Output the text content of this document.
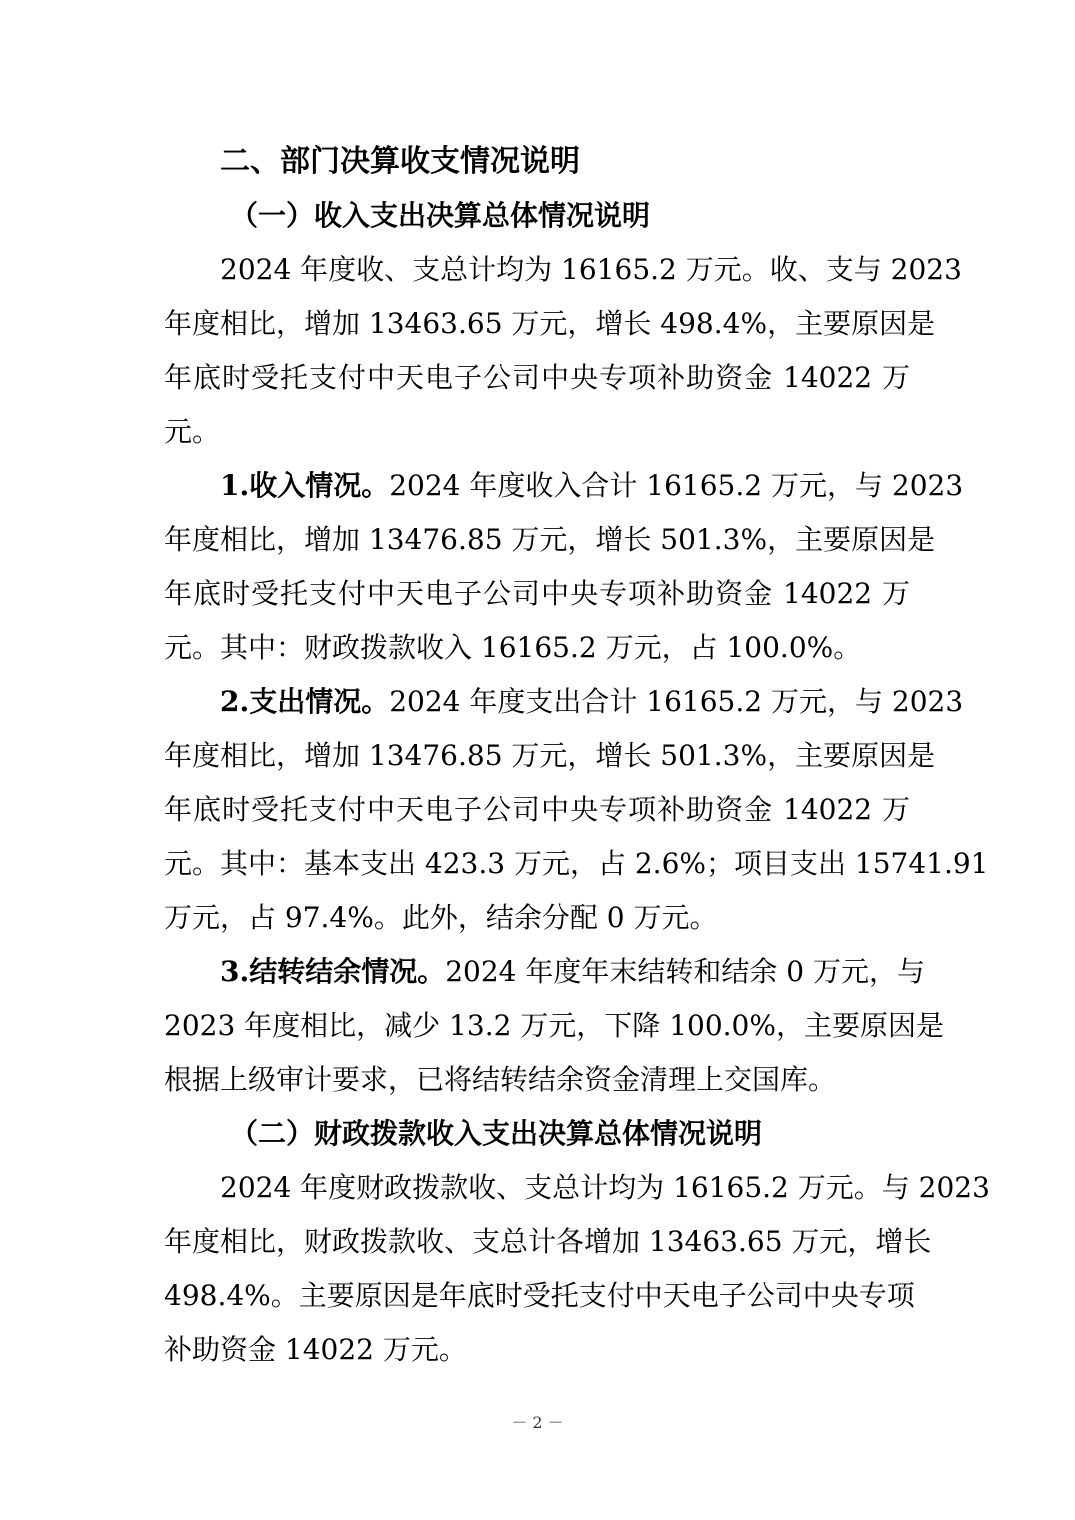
二、部门决算收支情况说明
（一）收入支出决算总体情况说明

2024 年度收、支总计均为 16165.2 万元。收、支与 2023

年度相比，增加 13463.65 万元，增长 498.4%，主要原因是

年底时受托支付中天电子公司中央专项补助资金 14022 万

元。

1.收入情况。2024 年度收入合计 16165.2 万元，与 2023

年度相比，增加 13476.85 万元，增长 501.3%，主要原因是

年底时受托支付中天电子公司中央专项补助资金 14022 万

元。其中：财政拨款收入 16165.2 万元，占 100.0%。

2.支出情况。2024 年度支出合计 16165.2 万元，与 2023

年度相比，增加 13476.85 万元，增长 501.3%，主要原因是

年底时受托支付中天电子公司中央专项补助资金 14022 万

元。其中：基本支出 423.3 万元，占 2.6%；项目支出 15741.91

万元，占 97.4%。此外，结余分配 0 万元。

3.结转结余情况。2024 年度年末结转和结余 0 万元，与

2023 年度相比，减少 13.2 万元，下降 100.0%，主要原因是

根据上级审计要求，已将结转结余资金清理上交国库。

（二）财政拨款收入支出决算总体情况说明

2024 年度财政拨款收、支总计均为 16165.2 万元。与 2023

年度相比，财政拨款收、支总计各增加 13463.65 万元，增长

498.4%。主要原因是年底时受托支付中天电子公司中央专项

补助资金 14022 万元。

－ 2 －
